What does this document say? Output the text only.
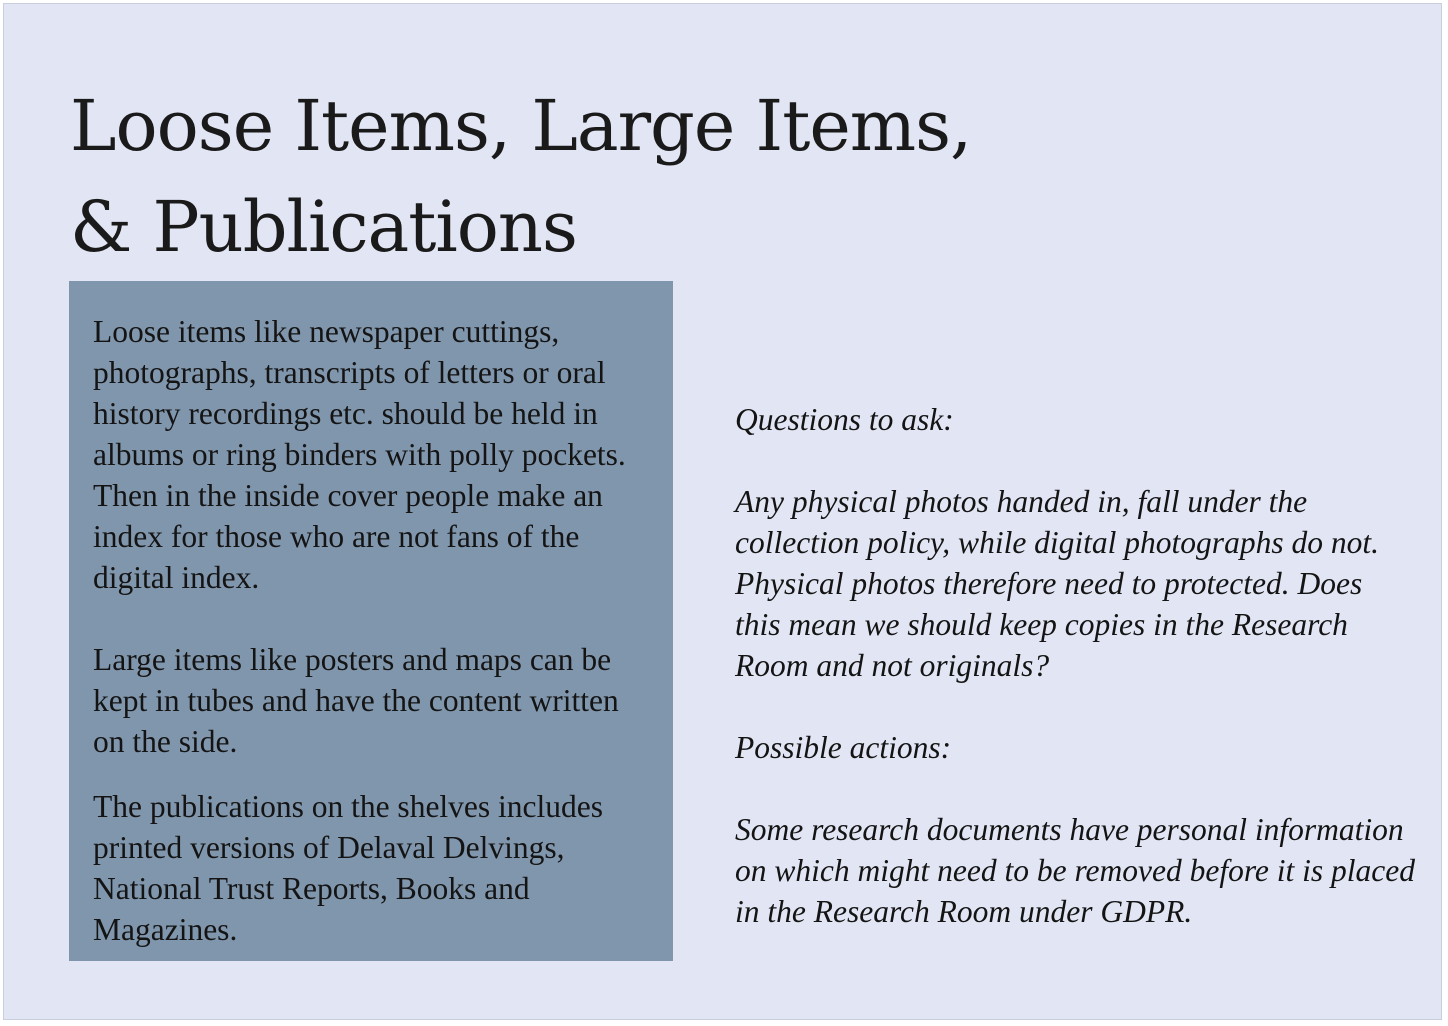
Loose Items, Large Items,
& Publications

Loose items like newspaper cuttings, photographs, transcripts of letters or oral history recordings etc. should be held in albums or ring binders with polly pockets. Then in the inside cover people make an index for those who are not fans of the digital index.

Large items like posters and maps can be kept in tubes and have the content written on the side.

The publications on the shelves includes printed versions of Delaval Delvings, National Trust Reports, Books and Magazines.

Questions to ask:

Any physical photos handed in, fall under the collection policy, while digital photographs do not. Physical photos therefore need to protected. Does this mean we should keep copies in the Research Room and not originals?

Possible actions:

Some research documents have personal information on which might need to be removed before it is placed in the Research Room under GDPR.
